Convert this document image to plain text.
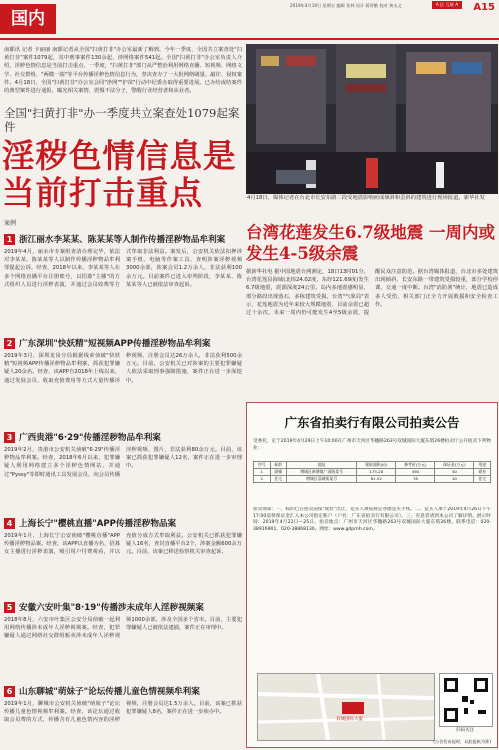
国内
2019年4月19日 星期五 编辑 张林 设计 蒋智勤 校对 黄永文	A 区 互联 A	A15

南都讯 记者 卡丽丽 南都记者从全国"扫黄打非"办公室最新了解到，今年一季度，全国共立案查处"扫黄打非"案件1079起，其中刑事案件130余起，涉网络案件541起。全国"扫黄打非"办公室负责人介绍，淫秽色情信息是当前打击重点，一季度，"扫黄打非"部门从严整治利用网络直播、短视频、网络文学、社交群组、"两微一端"等平台传播淫秽色情信息行为，坚决查办了一大批网络刷量、敲诈、侵权案件。4月18日，全国"扫黄打非"办公室会同"净网""护苗"行动中纪委办取得重要进展。已办结或结案件的典型案件进行通报，曝光相关案情，震慑不法分子，警醒行业经营者和从业者。

全国"扫黄打非"办一季度共立案查处1079起案件
淫秽色情信息是当前打击重点
案例
1 浙江丽水李某某、陈某某等人制作传播淫秽物品牟利案

2019年4月，丽水市专案组查清办理完毕，依法对李某某、陈某某等人以制作传播淫秽物品牟利罪提起公诉。经查，2018年以来，李某某等人在多个网络直播平台注册账号，以招募"主播"的方式组织人员进行淫秽表演，并通过会员收费等方式牟取非法利益。案发后，公安机关依法扣押涉案手机、电脑等作案工具，查明涉案淫秽视频3000余部，涉案会员1.2万余人，非法获利100余万元。目前案件已进入审判阶段，李某某、陈某某等人已被依法审查起诉。

2 广东深圳"快妖精"短视频APP传播淫秽物品牟利案

2019年3月，深圳龙岗分局根据线索侦破"快妖精"短视频APP传播淫秽物品牟利案，抓获犯罪嫌疑人20余名。经查，该APP自2018年上线以来，通过发展会员、收取充值费用等方式大量传播淫秽视频，注册会员达26万余人，非法获利500余万元。目前，公安机关已对涉案的主要犯罪嫌疑人依法采取刑事强制措施，案件正在进一步深挖中。

3 广西贵港"6·29"传播淫秽物品牟利案

2019年2月，贵港市公安机关侦破"6·29"传播淫秽物品牟利案。经查，2018年6月以来，犯罪嫌疑人利用网络建立多个淫秽色情网站，并通过"Pyssy"等即时通讯工具发展会员，向会员传播淫秽视频、图片，非法获利80余万元。目前，该案已抓获犯罪嫌疑人12名，案件正在进一步审理中。

4 上海长宁"樱桃直播"APP传播淫秽物品案

2019年1月，上海长宁公安侦破"樱桃直播"APP传播淫秽物品案。经查，该APP以直播为名，招募女主播进行淫秽表演，吸引用户付费观看，并以充值分成方式牟取利益。公安机关已抓获犯罪嫌疑人16名，查封直播平台2个，涉案金额600余万元。目前，该案已移送检察机关审查起诉。

5 安徽六安叶集"8·19"传播涉未成年人淫秽视频案

2018年8月，六安市叶集区公安分局侦破一起利用网络传播涉未成年人淫秽视频案。经查，犯罪嫌疑人通过网络社交群组贩卖涉未成年人淫秽视频1000余部，涉及全国多个省市。目前，主要犯罪嫌疑人已被依法逮捕，案件正在审理中。

6 山东聊城"萌妹子"论坛传播儿童色情视频牟利案

2019年1月，聊城市公安机关侦破"萌妹子"论坛传播儿童色情视频牟利案。经查，该论坛通过收取会员费的方式，传播含有儿童色情内容的淫秽视频，注册会员达1.5万余人。目前，该案已抓获犯罪嫌疑人8名，案件正在进一步侦办中。

4月18日，媒体记者在台北市长安东路二段受地震影响而成倾斜和歪斜的建筑进行现场报道。新华社发

台湾花莲发生6.7级地震 一周内或发生4-5级余震

据新华社电 据中国地震台网测定，18日13时01分，台湾花莲县海域(北纬24.02度，东经121.69度)发生6.7级地震，震源深度24公里。岛内多地震感明显，部分路段出现落石，多栋建筑受损。台湾"气象局"表示，花莲地震为近年来较大规模地震，目前余震已超过十余次，未来一周内仍可能发生4至5级余震，提醒民众注意防范。据台湾媒体报道，台北市多处建筑出现倾斜，长安东路一带建筑受损较重，部分学校停课，交通一度中断。台湾"消防署"统计，地震已造成多人受伤，相关部门正全力开展救援和安全检查工作。

广东省拍卖行有限公司拍卖公告

受委托，定于2019年4月29日上午10:00在广州市天河区华穗路263号双城国际大厦东塔26楼拍卖厅公开拍卖下列物业：

序号	标的	地址	建筑面积(㎡)	参考价(万元)	保证金(万元)	用途
1	商铺	增城区新塘镇广园路某号	175.28	490	50	商业
2	住宅	增城区荔城街某号	81.52	78	10	住宅

拍卖须知：一、标的已在拍卖前按"现状"出让，竞买人须按规定办理竞买手续。二、竞买人须于2019年4月26日下午17:00前将保证金汇入本公司指定账户（户名：广东省拍卖行有限公司）。三、有意者请到本公司了解详情。展示时间：2019年4月22日—25日。拍卖地点：广州市天河区华穗路263号双城国际大厦东塔26楼。联系电话：020-38916901、020-38868136。网址：www.gdpmh.com。

双城国际大厦
扫码关注
(公告发布起时，以此报纸为准)
